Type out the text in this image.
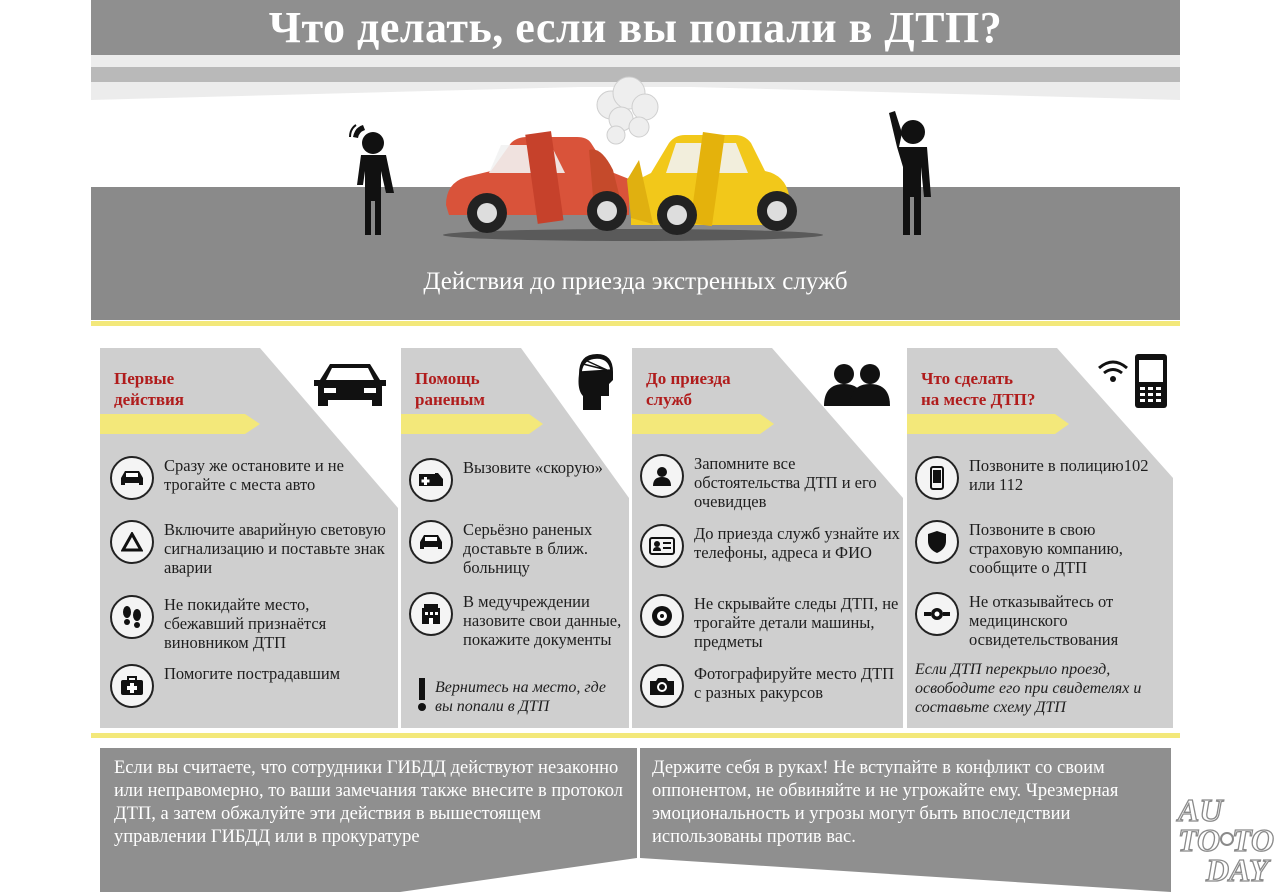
Что делать, если вы попали в ДТП?
Действия до приезда экстренных служб
Первые
действия
Сразу же остановите и не трогайте с места авто
Включите аварийную световую сигнализацию и поставьте знак аварии
Не покидайте место, сбежавший признаётся виновником ДТП
Помогите пострадавшим
Помощь
раненым
Вызовите «скорую»
Серьёзно раненых доставьте в ближ. больницу
В медучреждении назовите свои данные, покажите документы
Вернитесь на место, где вы попали в ДТП
До приезда
служб
Запомните все обстоятельства ДТП и его очевидцев
До приезда служб узнайте их телефоны, адреса и ФИО
Не скрывайте следы ДТП, не трогайте детали машины, предметы
Фотографируйте место ДТП с разных ракурсов
Что сделать
на месте ДТП?
Позвоните в полицию102 или 112
Позвоните в свою страховую компанию, сообщите о ДТП
Не отказывайтесь от медицинского освидетельствования
Если ДТП перекрыло проезд, освободите его при свидетелях и составьте схему ДТП
Если вы считаете, что сотрудники ГИБДД действуют незаконно или неправомерно, то ваши замечания также внесите в протокол ДТП, а затем обжалуйте эти действия в вышестоящем управлении ГИБДД или в прокуратуре
Держите себя в руках! Не вступайте в конфликт со своим оппонентом, не обвиняйте и не угрожайте ему. Чрезмерная эмоциональность и угрозы могут быть впоследствии использованы против вас.
AU
TO TO
DAY
